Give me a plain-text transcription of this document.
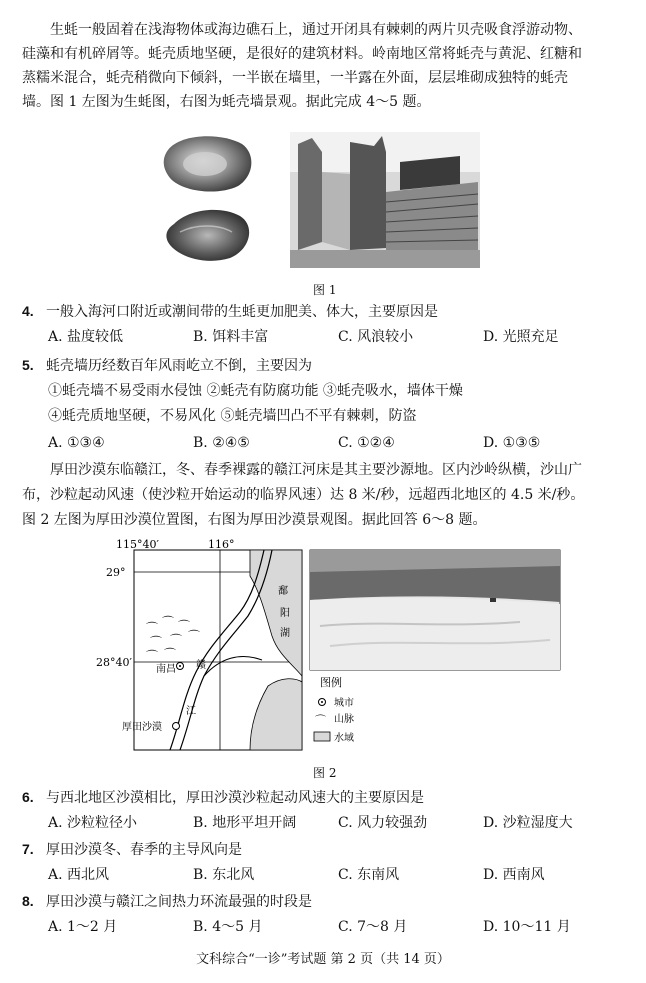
生蚝一般固着在浅海物体或海边礁石上，通过开闭具有棘刺的两片贝壳吸食浮游动物、
硅藻和有机碎屑等。蚝壳质地坚硬，是很好的建筑材料。岭南地区常将蚝壳与黄泥、红糖和
蒸糯米混合，蚝壳稍微向下倾斜，一半嵌在墙里，一半露在外面，层层堆砌成独特的蚝壳
墙。图 1 左图为生蚝图，右图为蚝壳墙景观。据此完成 4～5 题。
图 1
4. 一般入海河口附近或潮间带的生蚝更加肥美、体大，主要原因是
A. 盐度较低	B. 饵料丰富	C. 风浪较小	D. 光照充足
5. 蚝壳墙历经数百年风雨屹立不倒，主要因为
①蚝壳墙不易受雨水侵蚀 ②蚝壳有防腐功能 ③蚝壳吸水，墙体干燥
④蚝壳质地坚硬，不易风化 ⑤蚝壳墙凹凸不平有棘刺，防盗
A. ①③④	B. ②④⑤	C. ①②④	D. ①③⑤
厚田沙漠东临赣江，冬、春季裸露的赣江河床是其主要沙源地。区内沙岭纵横，沙山广
布，沙粒起动风速（使沙粒开始运动的临界风速）达 8 米/秒，远超西北地区的 4.5 米/秒。
图 2 左图为厚田沙漠位置图，右图为厚田沙漠景观图。据此回答 6～8 题。
115°40′	116°
29°
28°40′
鄱
阳
湖
赣
江
⌒ ⌒ ⌒
⌒ ⌒ ⌒
⌒ ⌒
南昌
厚田沙漠
图例
城市
⌒ 山脉
水域
图 2
6. 与西北地区沙漠相比，厚田沙漠沙粒起动风速大的主要原因是
A. 沙粒粒径小	B. 地形平坦开阔	C. 风力较强劲	D. 沙粒湿度大
7. 厚田沙漠冬、春季的主导风向是
A. 西北风	B. 东北风	C. 东南风	D. 西南风
8. 厚田沙漠与赣江之间热力环流最强的时段是
A. 1～2 月	B. 4～5 月	C. 7～8 月	D. 10～11 月
文科综合“一诊”考试题 第 2 页（共 14 页）
